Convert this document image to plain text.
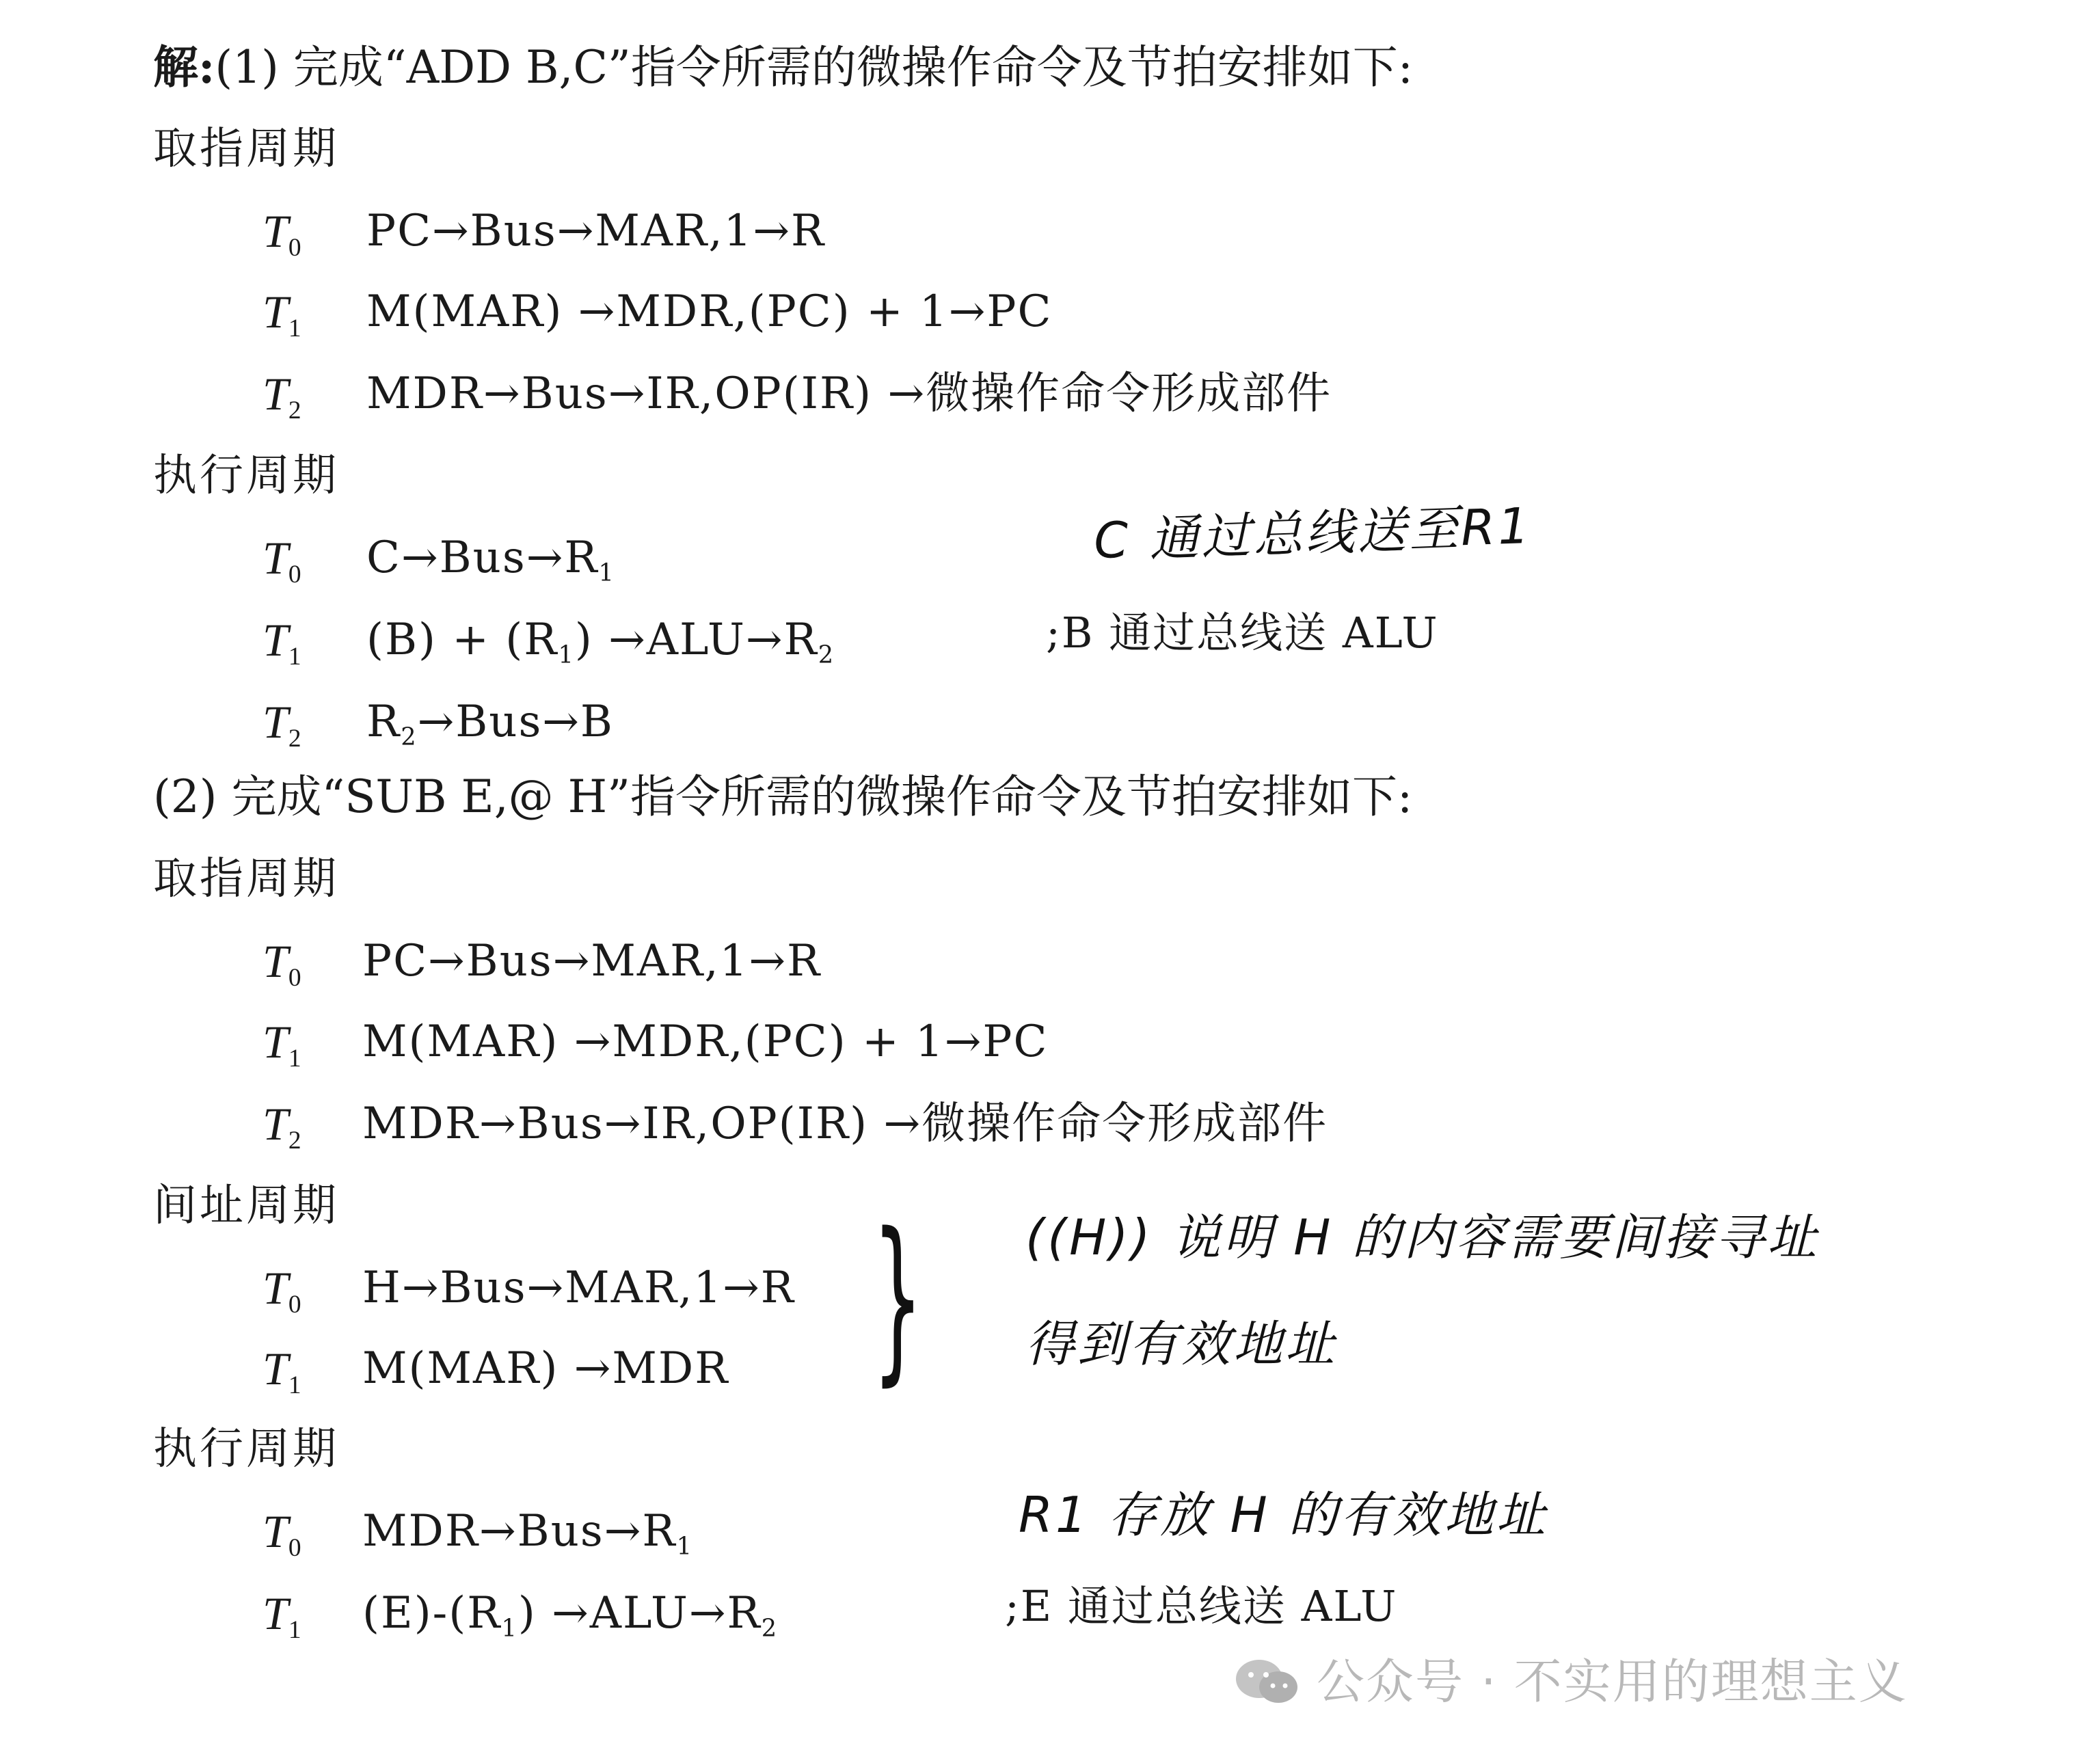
解:(1) 完成“ADD B,C”指令所需的微操作命令及节拍安排如下:
取指周期
$T_0$ PC→Bus→MAR,1→R
$T_1$ M(MAR) →MDR,(PC) + 1→PC
$T_2$ MDR→Bus→IR,OP(IR) →微操作命令形成部件
执行周期
$T_0$ $C\to Bus\to R_1$
$T_1$ $(B) + (R_1) \to ALU\to R_2$	;B 通过总线送 ALU
$T_2$ $R_2\to Bus\to B$
C 通过总线送至R1
(2) 完成“SUB E,@ H”指令所需的微操作命令及节拍安排如下:
取指周期
$T_0$ PC→Bus→MAR,1→R
$T_1$ M(MAR) →MDR,(PC) + 1→PC
$T_2$ MDR→Bus→IR,OP(IR) →微操作命令形成部件
间址周期
$T_0$ H→Bus→MAR,1→R
$T_1$ M(MAR) →MDR } ((H)) 说明 H 的内容需要间接寻址
得到有效地址
执行周期
$T_0$ $MDR\to Bus\to R_1$
R1 存放 H 的有效地址
$T_1$ $(E)-(R_1) \to ALU\to R_2$	;E 通过总线送 ALU
公众号 · 不实用的理想主义
